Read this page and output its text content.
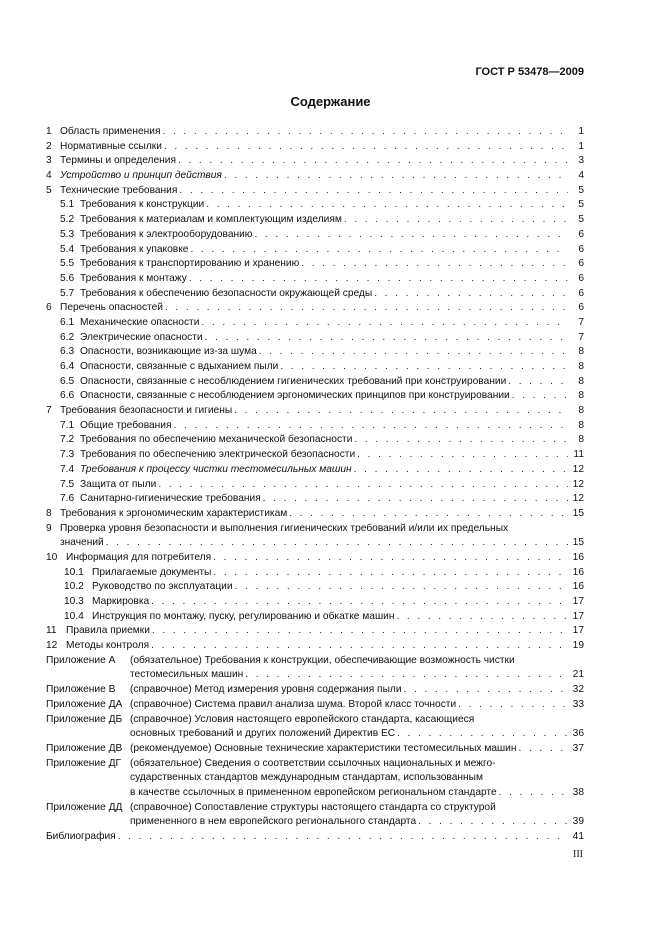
ГОСТ Р 53478—2009
Содержание
1 Область применения . . .	1
2 Нормативные ссылки . . .	1
3 Термины и определения . . .	3
4 Устройство и принцип действия . . .	4
5 Технические требования . . .	5
5.1 Требования к конструкции . . .	5
5.2 Требования к материалам и комплектующим изделиям . . .	5
5.3 Требования к электрооборудованию . . .	6
5.4 Требования к упаковке . . .	6
5.5 Требования к транспортированию и хранению . . .	6
5.6 Требования к монтажу . . .	6
5.7 Требования к обеспечению безопасности окружающей среды . . .	6
6 Перечень опасностей . . .	6
6.1 Механические опасности . . .	7
6.2 Электрические опасности . . .	7
6.3 Опасности, возникающие из-за шума . . .	8
6.4 Опасности, связанные с вдыханием пыли . . .	8
6.5 Опасности, связанные с несоблюдением гигиенических требований при конструировании . . .	8
6.6 Опасности, связанные с несоблюдением эргономических принципов при конструировании . . .	8
7 Требования безопасности и гигиены . . .	8
7.1 Общие требования . . .	8
7.2 Требования по обеспечению механической безопасности . . .	8
7.3 Требования по обеспечению электрической безопасности . . .	11
7.4 Требования к процессу чистки тестомесильных машин . . .	12
7.5 Защита от пыли . . .	12
7.6 Санитарно-гигиенические требования . . .	12
8 Требования к эргономическим характеристикам . . .	15
9 Проверка уровня безопасности и выполнения гигиенических требований и/или их предельных
значений . . .	15
10 Информация для потребителя . . .	16
10.1 Прилагаемые документы . . .	16
10.2 Руководство по эксплуатации . . .	16
10.3 Маркировка . . .	17
10.4 Инструкция по монтажу, пуску, регулированию и обкатке машин . . .	17
11 Правила приемки . . .	17
12 Методы контроля . . .	19
Приложение А	(обязательное) Требования к конструкции, обеспечивающие возможность чистки
тестомесильных машин . . .	21
Приложение В	(справочное) Метод измерения уровня содержания пыли . . .	32
Приложение ДА (справочное) Система правил анализа шума. Второй класс точности . . .	33
Приложение ДБ (справочное) Условия настоящего европейского стандарта, касающиеся
основных требований и других положений Директив ЕС . . .	36
Приложение ДВ (рекомендуемое) Основные технические характеристики тестомесильных машин . . .	37
Приложение ДГ (обязательное) Сведения о соответствии ссылочных национальных и межго-
сударственных стандартов международным стандартам, использованным
в качестве ссылочных в примененном европейском региональном стандарте . . .	38
Приложение ДД (справочное) Сопоставление структуры настоящего стандарта со структурой
примененного в нем европейского регионального стандарта . . .	39
Библиография . . .	41
III
